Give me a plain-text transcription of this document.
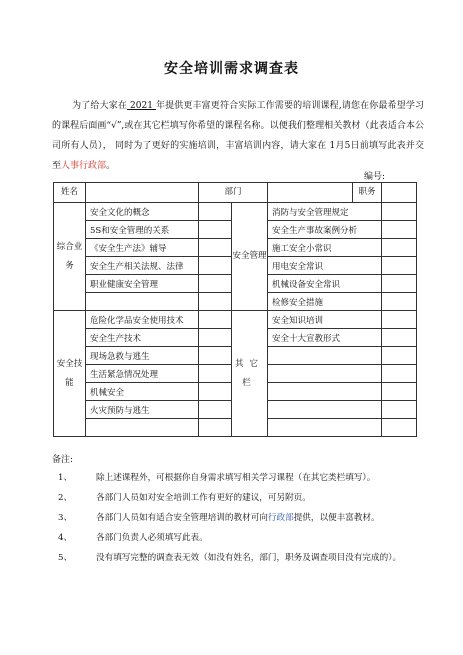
安全培训需求调查表
为了给大家在 2021 年提供更丰富更符合实际工作需要的培训课程,请您在你最希望学习的课程后面画“√”,或在其它栏填写你希望的课程名称。以便我们整理相关教材（此表适合本公司所有人员）， 同时为了更好的实施培训，丰富培训内容，请大家在 1月5日前填写此表并交至人事行政部。
编号:
姓名		部门			职务	
综合业务	安全文化的概念		安全管理	消防与安全管理规定		
	5S和安全管理的关系			安全生产事故案例分析		
	《安全生产法》辅导			施工安全小常识		
	安全生产相关法规、法律			用电安全常识		
	职业健康安全管理			机械设备安全常识		
				检修安全措施		
安全技能	危险化学品安全使用技术		其它栏	安全知识培训		
	安全生产技术			安全十大宣教形式		
	现场急救与逃生					
	生活紧急情况处理					
	机械安全					
	火灾预防与逃生					

备注:
1、	除上述课程外，可根据你自身需求填写相关学习课程（在其它类栏填写）。
2、	各部门人员如对安全培训工作有更好的建议，可另附页。
3、	各部门人员如有适合安全管理培训的教材可向行政部提供，以便丰富教材。
4、	各部门负责人必须填写此表。
5、	没有填写完整的调查表无效（如没有姓名，部门，职务及调查项目没有完成的）。
